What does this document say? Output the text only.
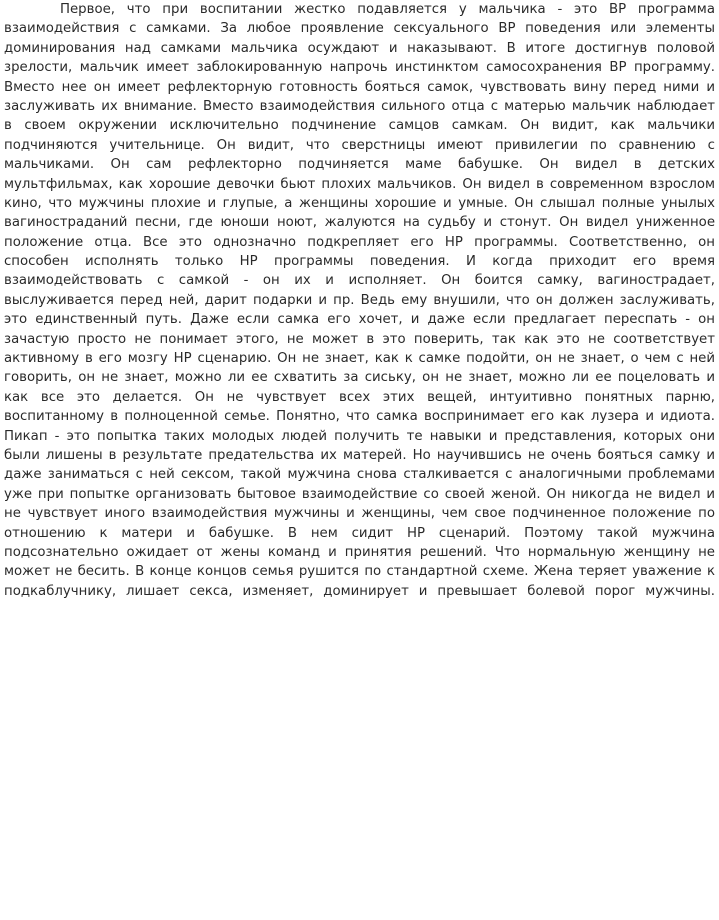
Первое, что при воспитании жестко подавляется у мальчика - это ВР программа
взаимодействия с самками. За любое проявление сексуального ВР поведения или элементы
доминирования над самками мальчика осуждают и наказывают. В итоге достигнув половой
зрелости, мальчик имеет заблокированную напрочь инстинктом самосохранения ВР программу.
Вместо нее он имеет рефлекторную готовность бояться самок, чувствовать вину перед ними и
заслуживать их внимание. Вместо взаимодействия сильного отца с матерью мальчик наблюдает
в своем окружении исключительно подчинение самцов самкам. Он видит, как мальчики
подчиняются учительнице. Он видит, что сверстницы имеют привилегии по сравнению с
мальчиками. Он сам рефлекторно подчиняется маме бабушке. Он видел в детских
мультфильмах, как хорошие девочки бьют плохих мальчиков. Он видел в современном взрослом
кино, что мужчины плохие и глупые, а женщины хорошие и умные. Он слышал полные унылых
вагиностраданий песни, где юноши ноют, жалуются на судьбу и стонут. Он видел униженное
положение отца. Все это однозначно подкрепляет его НР программы. Соответственно, он
способен исполнять только НР программы поведения. И когда приходит его время
взаимодействовать с самкой - он их и исполняет. Он боится самку, вагинострадает,
выслуживается перед ней, дарит подарки и пр. Ведь ему внушили, что он должен заслуживать,
это единственный путь. Даже если самка его хочет, и даже если предлагает переспать - он
зачастую просто не понимает этого, не может в это поверить, так как это не соответствует
активному в его мозгу НР сценарию. Он не знает, как к самке подойти, он не знает, о чем с ней
говорить, он не знает, можно ли ее схватить за сиську, он не знает, можно ли ее поцеловать и
как все это делается. Он не чувствует всех этих вещей, интуитивно понятных парню,
воспитанному в полноценной семье. Понятно, что самка воспринимает его как лузера и идиота.
Пикап - это попытка таких молодых людей получить те навыки и представления, которых они
были лишены в результате предательства их матерей. Но научившись не очень бояться самку и
даже заниматься с ней сексом, такой мужчина снова сталкивается с аналогичными проблемами
уже при попытке организовать бытовое взаимодействие со своей женой. Он никогда не видел и
не чувствует иного взаимодействия мужчины и женщины, чем свое подчиненное положение по
отношению к матери и бабушке. В нем сидит НР сценарий. Поэтому такой мужчина
подсознательно ожидает от жены команд и принятия решений. Что нормальную женщину не
может не бесить. В конце концов семья рушится по стандартной схеме. Жена теряет уважение к
подкаблучнику, лишает секса, изменяет, доминирует и превышает болевой порог мужчины.
